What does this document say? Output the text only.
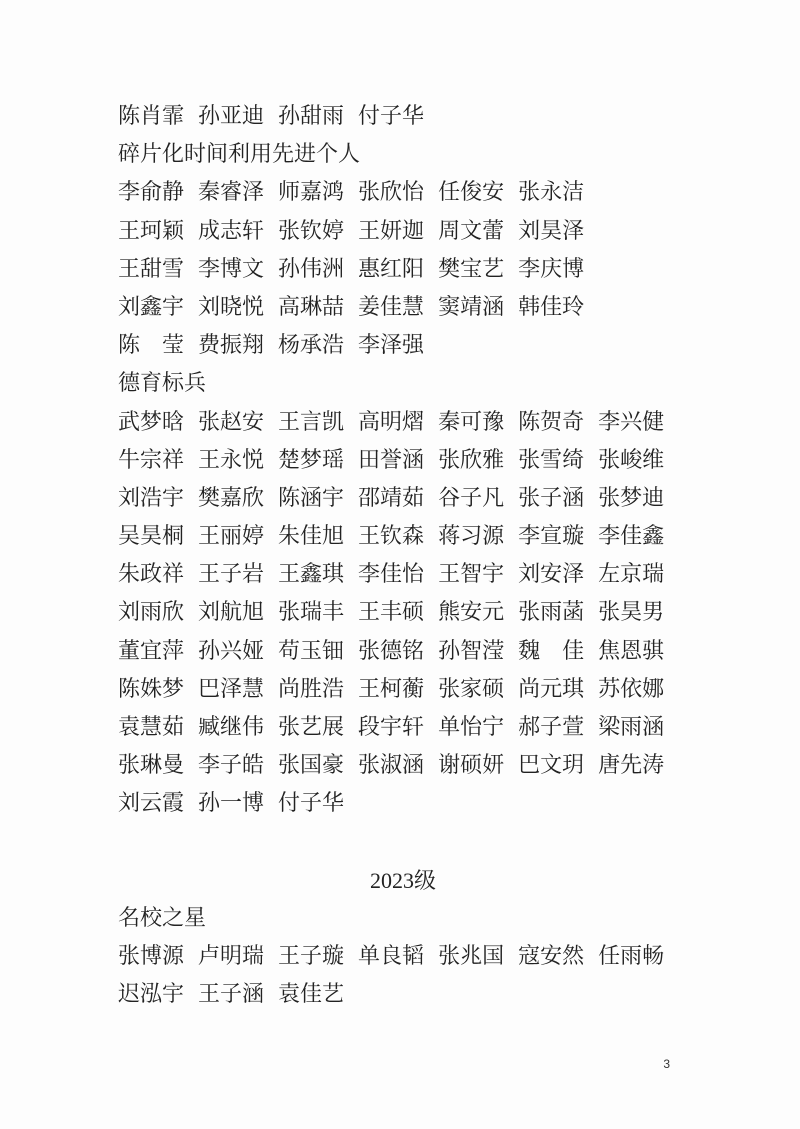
陈肖霏 孙亚迪 孙甜雨 付子华
碎片化时间利用先进个人
李俞静 秦睿泽 师嘉鸿 张欣怡 任俊安 张永洁
王珂颖 成志轩 张钦婷 王妍迦 周文蕾 刘昊泽
王甜雪 李博文 孙伟洲 惠红阳 樊宝艺 李庆博
刘鑫宇 刘晓悦 高琳喆 姜佳慧 窦靖涵 韩佳玲
陈　莹 费振翔 杨承浩 李泽强
德育标兵
武梦晗 张赵安 王言凯 高明熠 秦可豫 陈贺奇 李兴健
牛宗祥 王永悦 楚梦瑶 田誉涵 张欣雅 张雪绮 张峻维
刘浩宇 樊嘉欣 陈涵宇 邵靖茹 谷子凡 张子涵 张梦迪
吴昊桐 王丽婷 朱佳旭 王钦森 蒋习源 李宣璇 李佳鑫
朱政祥 王子岩 王鑫琪 李佳怡 王智宇 刘安泽 左京瑞
刘雨欣 刘航旭 张瑞丰 王丰硕 熊安元 张雨菡 张昊男
董宜萍 孙兴娅 苟玉钿 张德铭 孙智滢 魏　佳 焦恩骐
陈姝梦 巴泽慧 尚胜浩 王柯蘅 张家硕 尚元琪 苏依娜
袁慧茹 臧继伟 张艺展 段宇轩 单怡宁 郝子萱 梁雨涵
张琳曼 李子皓 张国豪 张淑涵 谢硕妍 巴文玥 唐先涛
刘云霞 孙一博 付子华
2023级
名校之星
张博源 卢明瑞 王子璇 单良韬 张兆国 寇安然 任雨畅
迟泓宇 王子涵 袁佳艺
3
